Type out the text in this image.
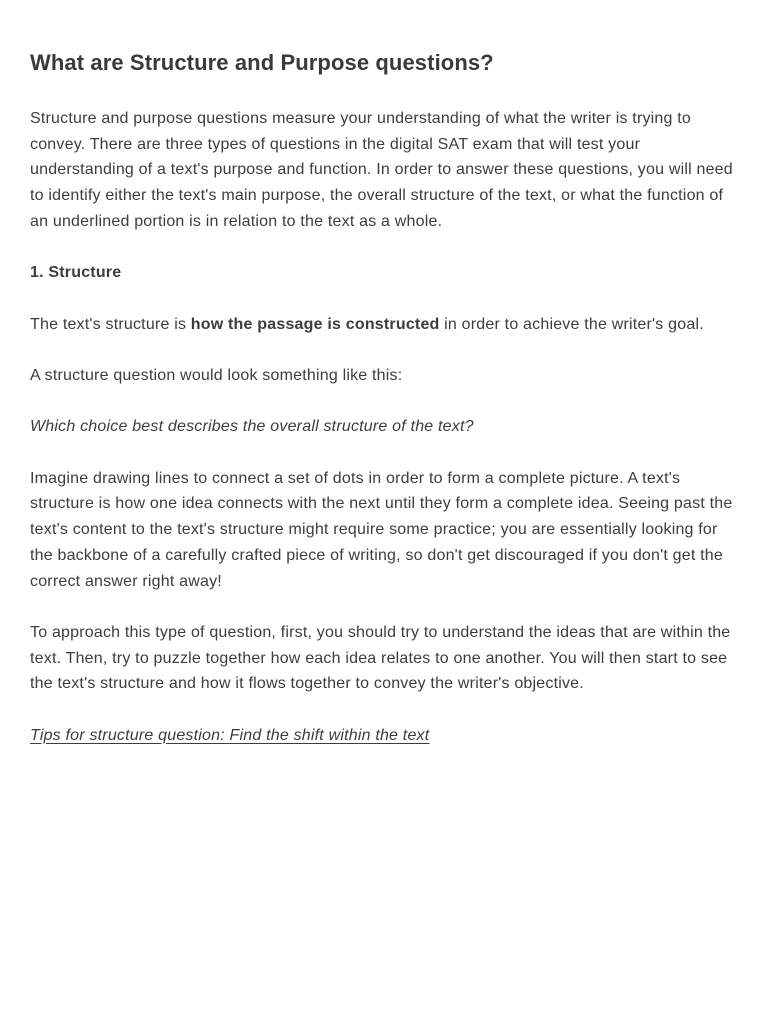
What are Structure and Purpose questions?

Structure and purpose questions measure your understanding of what the writer is trying to convey. There are three types of questions in the digital SAT exam that will test your understanding of a text's purpose and function. In order to answer these questions, you will need to identify either the text's main purpose, the overall structure of the text, or what the function of an underlined portion is in relation to the text as a whole.

1. Structure

The text's structure is how the passage is constructed in order to achieve the writer's goal.

A structure question would look something like this:

Which choice best describes the overall structure of the text?

Imagine drawing lines to connect a set of dots in order to form a complete picture. A text's structure is how one idea connects with the next until they form a complete idea. Seeing past the text's content to the text's structure might require some practice; you are essentially looking for the backbone of a carefully crafted piece of writing, so don't get discouraged if you don't get the correct answer right away!

To approach this type of question, first, you should try to understand the ideas that are within the text. Then, try to puzzle together how each idea relates to one another. You will then start to see the text's structure and how it flows together to convey the writer's objective.

Tips for structure question: Find the shift within the text
